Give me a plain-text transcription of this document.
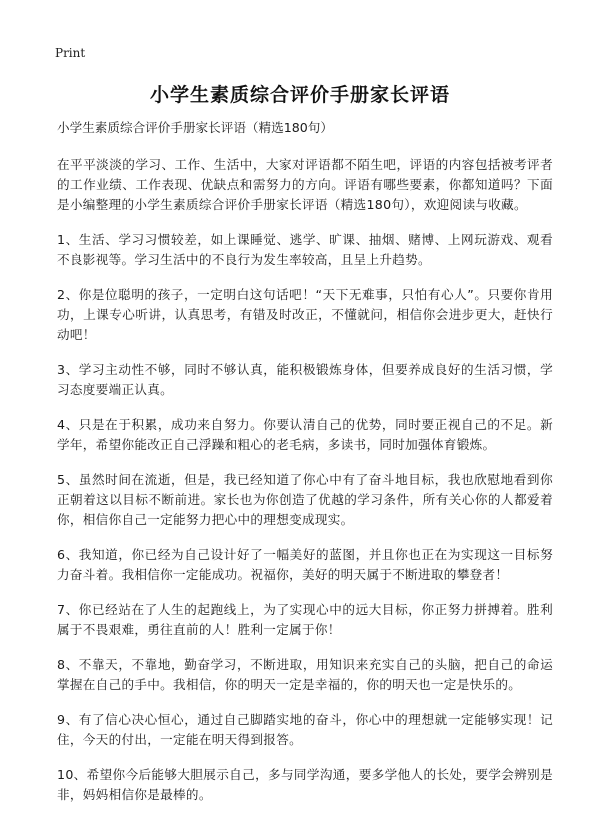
Print
小学生素质综合评价手册家长评语

小学生素质综合评价手册家长评语（精选180句）

在平平淡淡的学习、工作、生活中，大家对评语都不陌生吧，评语的内容包括被考评者的工作业绩、工作表现、优缺点和需努力的方向。评语有哪些要素，你都知道吗？下面是小编整理的小学生素质综合评价手册家长评语（精选180句），欢迎阅读与收藏。

1、生活、学习习惯较差，如上课睡觉、逃学、旷课、抽烟、赌博、上网玩游戏、观看不良影视等。学习生活中的不良行为发生率较高，且呈上升趋势。

2、你是位聪明的孩子，一定明白这句话吧！“天下无难事，只怕有心人”。只要你肯用功，上课专心听讲，认真思考，有错及时改正，不懂就问，相信你会进步更大，赶快行动吧！

3、学习主动性不够，同时不够认真，能积极锻炼身体，但要养成良好的生活习惯，学习态度要端正认真。

4、只是在于积累，成功来自努力。你要认清自己的优势，同时要正视自己的不足。新学年，希望你能改正自己浮躁和粗心的老毛病，多读书，同时加强体育锻炼。

5、虽然时间在流逝，但是，我已经知道了你心中有了奋斗地目标，我也欣慰地看到你正朝着这以目标不断前进。家长也为你创造了优越的学习条件，所有关心你的人都爱着你，相信你自己一定能努力把心中的理想变成现实。

6、我知道，你已经为自己设计好了一幅美好的蓝图，并且你也正在为实现这一目标努力奋斗着。我相信你一定能成功。祝福你，美好的明天属于不断进取的攀登者！

7、你已经站在了人生的起跑线上，为了实现心中的远大目标，你正努力拼搏着。胜利属于不畏艰难，勇往直前的人！胜利一定属于你！

8、不靠天，不靠地，勤奋学习，不断进取，用知识来充实自己的头脑，把自己的命运掌握在自己的手中。我相信，你的明天一定是幸福的，你的明天也一定是快乐的。

9、有了信心决心恒心，通过自己脚踏实地的奋斗，你心中的理想就一定能够实现！记住，今天的付出，一定能在明天得到报答。

10、希望你今后能够大胆展示自己，多与同学沟通，要多学他人的长处，要学会辨别是非，妈妈相信你是最棒的。
